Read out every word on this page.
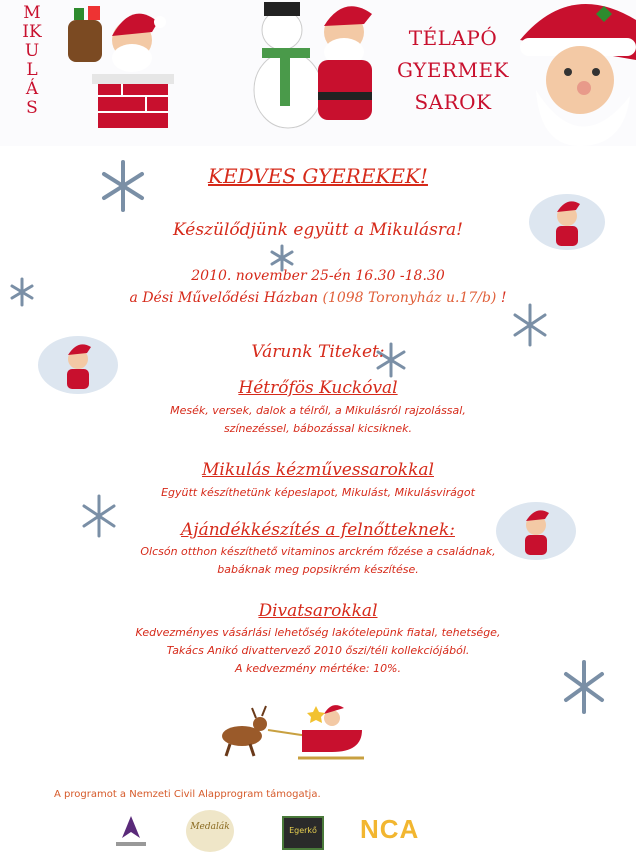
MIKULÁS
TÉLAPÓ
GYERMEK
SAROK
KEDVES GYEREKEK!
Készülődjünk együtt a Mikulásra!
2010. november 25-én 16.30 -18.30
a Dési Művelődési Házban (1098 Toronyház u.17/b) !
Várunk Titeket:
Hétrőfös Kuckóval
Mesék, versek, dalok a télről, a Mikulásról rajzolással,
színezéssel, bábozással kicsiknek.
Mikulás kézművessarokkal
Együtt készíthetünk képeslapot, Mikulást, Mikulásvirágot
Ajándékkészítés a felnőtteknek:
Olcsón otthon készíthető vitaminos arckrém főzése a családnak,
babáknak meg popsikrém készítése.
Divatsarokkal
Kedvezményes vásárlási lehetőség lakótelepünk fiatal, tehetsége,
Takács Anikó divattervező 2010 őszi/téli kollekciójából.
A kedvezmény mértéke: 10%.
A programot a Nemzeti Civil Alapprogram támogatja.
Medalák	Egerkő NCA
